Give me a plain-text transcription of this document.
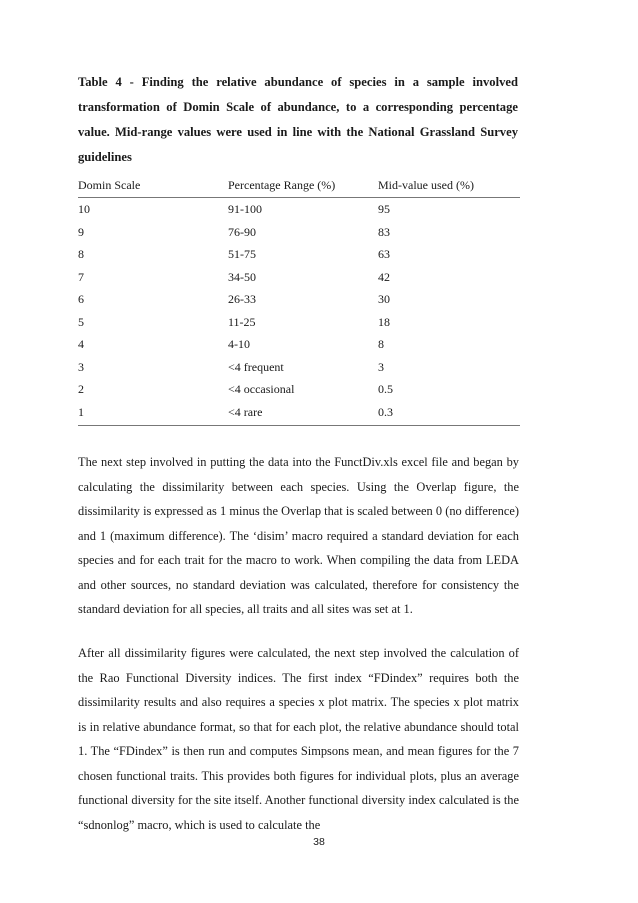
Table 4 - Finding the relative abundance of species in a sample involved transformation of Domin Scale of abundance, to a corresponding percentage value. Mid-range values were used in line with the National Grassland Survey guidelines

Domin Scale	Percentage Range (%)	Mid-value used (%)
10	91-100	95
9	76-90	83
8	51-75	63
7	34-50	42
6	26-33	30
5	11-25	18
4	4-10	8
3	<4 frequent	3
2	<4 occasional	0.5
1	<4 rare	0.3

The next step involved in putting the data into the FunctDiv.xls excel file and began by calculating the dissimilarity between each species. Using the Overlap figure, the dissimilarity is expressed as 1 minus the Overlap that is scaled between 0 (no difference) and 1 (maximum difference). The ‘disim’ macro required a standard deviation for each species and for each trait for the macro to work. When compiling the data from LEDA and other sources, no standard deviation was calculated, therefore for consistency the standard deviation for all species, all traits and all sites was set at 1.

After all dissimilarity figures were calculated, the next step involved the calculation of the Rao Functional Diversity indices. The first index “FDindex” requires both the dissimilarity results and also requires a species x plot matrix. The species x plot matrix is in relative abundance format, so that for each plot, the relative abundance should total 1. The “FDindex” is then run and computes Simpsons mean, and mean figures for the 7 chosen functional traits. This provides both figures for individual plots, plus an average functional diversity for the site itself. Another functional diversity index calculated is the “sdnonlog” macro, which is used to calculate the

38
